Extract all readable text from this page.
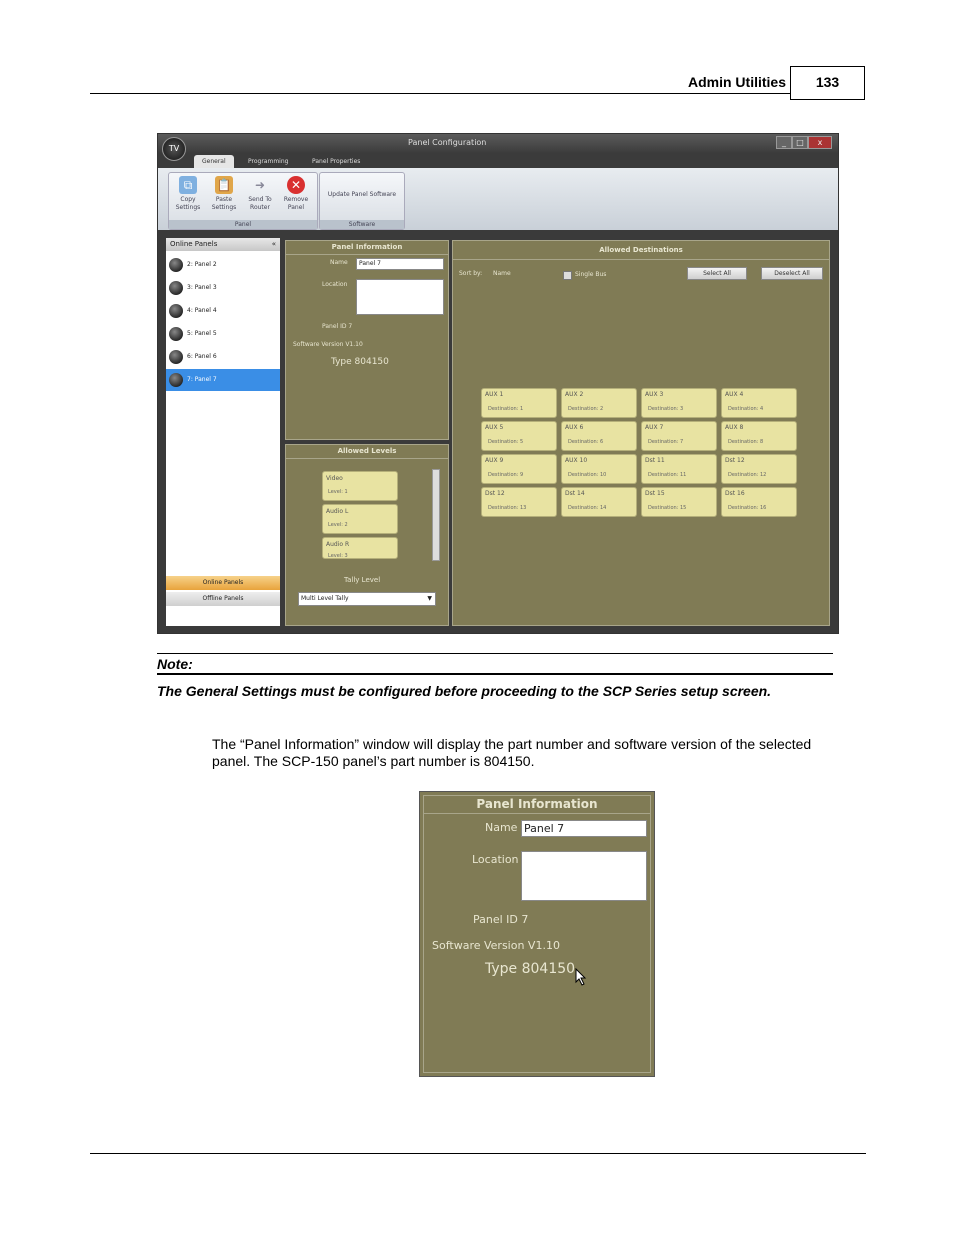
Admin Utilities	133
Panel Configuration	_	□	x
General	Programming	Panel Properties
TV
⧉
Copy Settings
📋
Paste Settings
➜
Send To Router
✕
Remove Panel
Panel
Update Panel Software
Software
Online Panels	«
2: Panel 2
3: Panel 3
4: Panel 4
5: Panel 5
6: Panel 6
7: Panel 7
Online Panels
Offline Panels
Panel Information
Name	Panel 7
Location
Panel ID 7
Software Version V1.10
Type 804150
Allowed Levels
Video
Level: 1
Audio L
Level: 2
Audio R
Level: 3
Tally Level
Multi Level Tally	▼
Allowed Destinations
Sort by: Name	Single Bus	Select All	Deselect All
AUX 1
Destination: 1
AUX 2
Destination: 2
AUX 3
Destination: 3
AUX 4
Destination: 4
AUX 5
Destination: 5
AUX 6
Destination: 6
AUX 7
Destination: 7
AUX 8
Destination: 8
AUX 9
Destination: 9
AUX 10
Destination: 10
Dst 11
Destination: 11
Dst 12
Destination: 12
Dst 12
Destination: 13
Dst 14
Destination: 14
Dst 15
Destination: 15
Dst 16
Destination: 16
Note:
The General Settings must be configured before proceeding to the SCP Series setup screen.
The “Panel Information” window will display the part number and software version of the selected panel. The SCP-150 panel’s part number is 804150.
Panel Information
Name Panel 7
Location
Panel ID 7
Software Version V1.10
Type 804150
